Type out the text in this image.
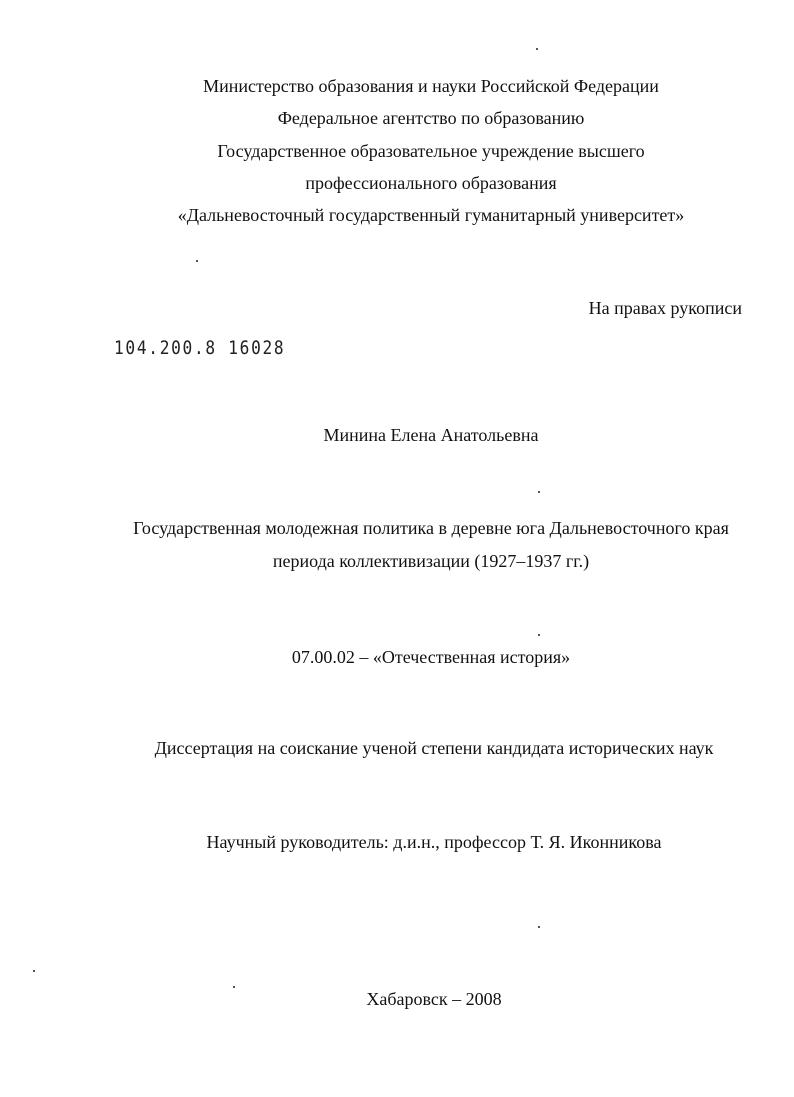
Министерство образования и науки Российской Федерации
Федеральное агентство по образованию
Государственное образовательное учреждение высшего
профессионального образования
«Дальневосточный государственный гуманитарный университет»
На правах рукописи
104.200.8 16028
Минина Елена Анатольевна
Государственная молодежная политика в деревне юга Дальневосточного края
периода коллективизации (1927–1937 гг.)
07.00.02 – «Отечественная история»
Диссертация на соискание ученой степени кандидата исторических наук
Научный руководитель: д.и.н., профессор Т. Я. Иконникова
Хабаровск – 2008
